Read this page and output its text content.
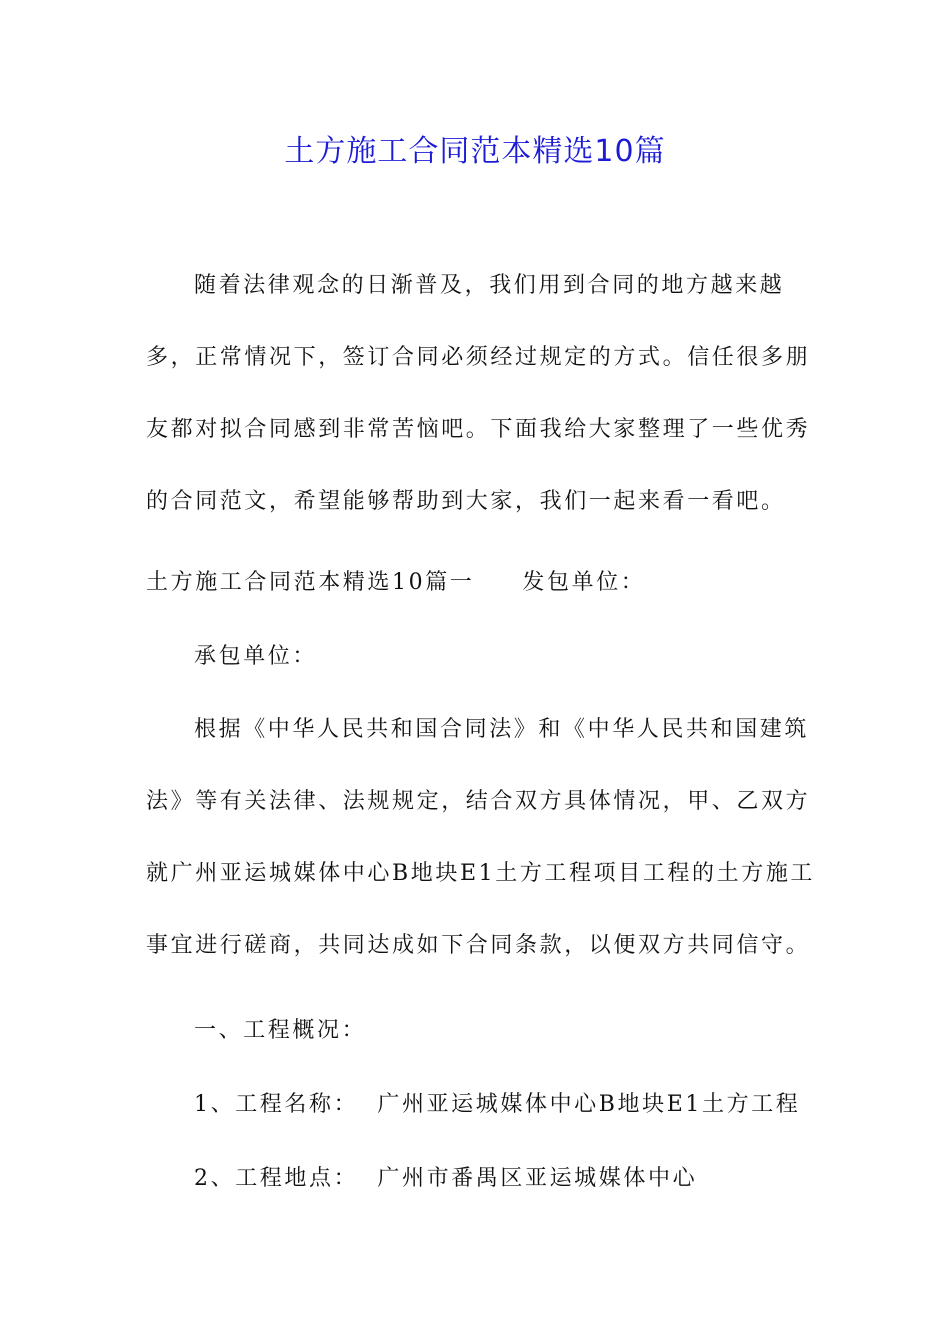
土方施工合同范本精选10篇

随着法律观念的日渐普及，我们用到合同的地方越来越多，正常情况下，签订合同必须经过规定的方式。信任很多朋友都对拟合同感到非常苦恼吧。下面我给大家整理了一些优秀的合同范文，希望能够帮助到大家，我们一起来看一看吧。

土方施工合同范本精选10篇一 发包单位：

承包单位：

根据《中华人民共和国合同法》和《中华人民共和国建筑法》等有关法律、法规规定，结合双方具体情况，甲、乙双方就广州亚运城媒体中心B地块E1土方工程项目工程的土方施工事宜进行磋商，共同达成如下合同条款，以便双方共同信守。

一、工程概况：

1、工程名称：  广州亚运城媒体中心B地块E1土方工程

2、工程地点：  广州市番禺区亚运城媒体中心
